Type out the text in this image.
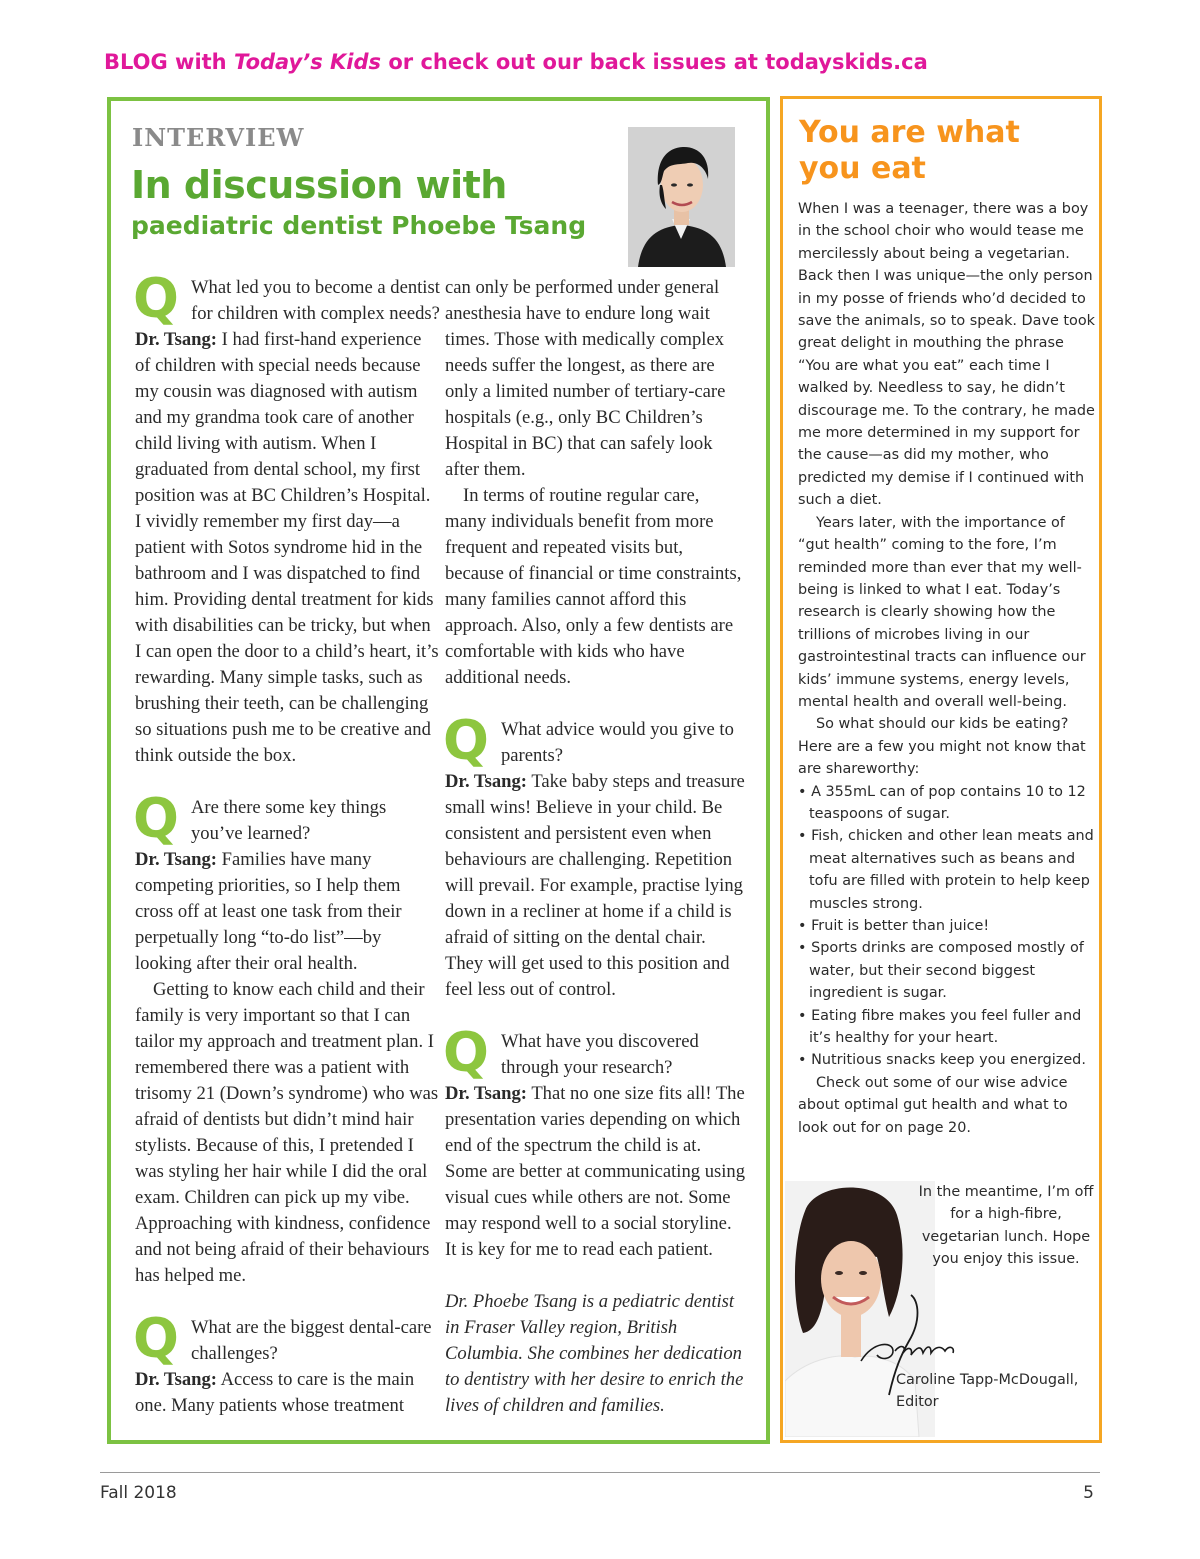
BLOG with Today’s Kids or check out our back issues at todayskids.ca
INTERVIEW
In discussion with
paediatric dentist Phoebe Tsang
Q What led you to become a dentist for children with complex needs?

Dr. Tsang: I had first-hand experience of children with special needs because my cousin was diagnosed with autism and my grandma took care of another child living with autism. When I graduated from dental school, my first position was at BC Children’s Hospital. I vividly remember my first day—a patient with Sotos syndrome hid in the bathroom and I was dispatched to find him. Providing dental treatment for kids with disabilities can be tricky, but when I can open the door to a child’s heart, it’s rewarding. Many simple tasks, such as brushing their teeth, can be challenging so situations push me to be creative and think outside the box.

Q Are there some key things you’ve learned?

Dr. Tsang: Families have many competing priorities, so I help them cross off at least one task from their perpetually long “to-do list”—by looking after their oral health.

Getting to know each child and their family is very important so that I can tailor my approach and treatment plan. I remembered there was a patient with trisomy 21 (Down’s syndrome) who was afraid of dentists but didn’t mind hair stylists. Because of this, I pretended I was styling her hair while I did the oral exam. Children can pick up my vibe. Approaching with kindness, confidence and not being afraid of their behaviours has helped me.

Q What are the biggest dental-care challenges?

Dr. Tsang: Access to care is the main one. Many patients whose treatment

can only be performed under general anesthesia have to endure long wait times. Those with medically complex needs suffer the longest, as there are only a limited number of tertiary-care hospitals (e.g., only BC Children’s Hospital in BC) that can safely look after them.

In terms of routine regular care, many individuals benefit from more frequent and repeated visits but, because of financial or time constraints, many families cannot afford this approach. Also, only a few dentists are comfortable with kids who have additional needs.

Q What advice would you give to parents?

Dr. Tsang: Take baby steps and treasure small wins! Believe in your child. Be consistent and persistent even when behaviours are challenging. Repetition will prevail. For example, practise lying down in a recliner at home if a child is afraid of sitting on the dental chair. They will get used to this position and feel less out of control.

Q What have you discovered through your research?

Dr. Tsang: That no one size fits all! The presentation varies depending on which end of the spectrum the child is at. Some are better at communicating using visual cues while others are not. Some may respond well to a social storyline. It is key for me to read each patient.

Dr. Phoebe Tsang is a pediatric dentist in Fraser Valley region, British Columbia. She combines her dedication to dentistry with her desire to enrich the lives of children and families.

You are what
you eat

When I was a teenager, there was a boy in the school choir who would tease me mercilessly about being a vegetarian. Back then I was unique—the only person in my posse of friends who’d decided to save the animals, so to speak. Dave took great delight in mouthing the phrase “You are what you eat” each time I walked by. Needless to say, he didn’t discourage me. To the contrary, he made me more determined in my support for the cause—as did my mother, who predicted my demise if I continued with such a diet.

Years later, with the importance of “gut health” coming to the fore, I’m reminded more than ever that my well-being is linked to what I eat. Today’s research is clearly showing how the trillions of microbes living in our gastrointestinal tracts can influence our kids’ immune systems, energy levels, mental health and overall well-being.

So what should our kids be eating? Here are a few you might not know that are shareworthy:

• A 355mL can of pop contains 10 to 12 teaspoons of sugar.
• Fish, chicken and other lean meats and meat alternatives such as beans and tofu are filled with protein to help keep muscles strong.
• Fruit is better than juice!
• Sports drinks are composed mostly of water, but their second biggest ingredient is sugar.
• Eating fibre makes you feel fuller and it’s healthy for your heart.
• Nutritious snacks keep you energized.

Check out some of our wise advice about optimal gut health and what to look out for on page 20.

In the meantime, I’m off for a high-fibre, vegetarian lunch. Hope you enjoy this issue.
Caroline Tapp-McDougall,
Editor
Fall 2018	5
